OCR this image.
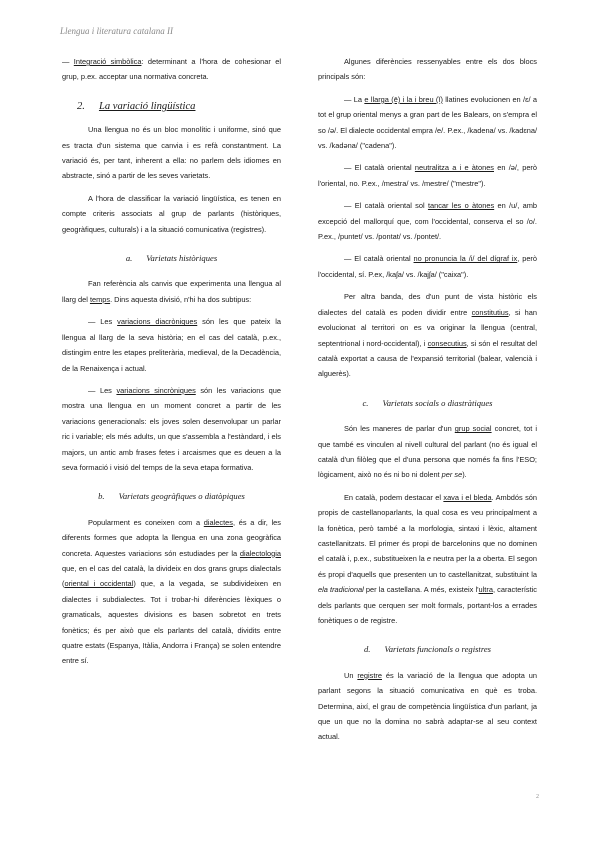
Llengua i literatura catalana II

— Integració simbòlica: determinant a l'hora de cohesionar el grup, p.ex. acceptar una normativa concreta.

2. La variació lingüística

Una llengua no és un bloc monolític i uniforme, sinó que es tracta d'un sistema que canvia i es refà constantment. La variació és, per tant, inherent a ella: no parlem dels idiomes en abstracte, sinó a partir de les seves varietats.

A l'hora de classificar la variació lingüística, es tenen en compte criteris associats al grup de parlants (històriques, geogràfiques, culturals) i a la situació comunicativa (registres).

a. Varietats històriques

Fan referència als canvis que experimenta una llengua al llarg del temps. Dins aquesta divisió, n'hi ha dos subtipus:

— Les variacions diacròniques són les que pateix la llengua al llarg de la seva història; en el cas del català, p.ex., distingim entre les etapes preliterària, medieval, de la Decadència, de la Renaixença i actual.

— Les variacions sincròniques són les variacions que mostra una llengua en un moment concret a partir de les variacions generacionals: els joves solen desenvolupar un parlar ric i variable; els més adults, un que s'assembla a l'estàndard, i els majors, un antic amb frases fetes i arcaismes que es deuen a la seva formació i visió del temps de la seva etapa formativa.

b. Varietats geogràfiques o diatòpiques

Popularment es coneixen com a dialectes, és a dir, les diferents formes que adopta la llengua en una zona geogràfica concreta. Aquestes variacions són estudiades per la dialectologia que, en el cas del català, la divideix en dos grans grups dialectals (oriental i occidental) que, a la vegada, se subdivideixen en dialectes i subdialectes. Tot i trobar-hi diferències lèxiques o gramaticals, aquestes divisions es basen sobretot en trets fonètics; és per això que els parlants del català, dividits entre quatre estats (Espanya, Itàlia, Andorra i França) se solen entendre entre sí.

Algunes diferències ressenyables entre els dos blocs principals són:

— La e llarga (ē) i la i breu (ĭ) llatines evolucionen en /ɛ/ a tot el grup oriental menys a gran part de les Balears, on s'empra el so /ə/. El dialecte occidental empra /e/. P.ex., /kadena/ vs. /kadɛna/ vs. /kadəna/ ("cadena").

— El català oriental neutralitza a i e àtones en /ə/, però l'oriental, no. P.ex., /mestra/ vs. /mestre/ ("mestre").

— El català oriental sol tancar les o àtones en /u/, amb excepció del mallorquí que, com l'occidental, conserva el so /o/. P.ex., /puntet/ vs. /pontat/ vs. /pontet/.

— El català oriental no pronuncia la /i/ del dígraf ix, però l'occidental, sí. P.ex, /kaʃa/ vs. /kajʃa/ ("caixa").

Per altra banda, des d'un punt de vista històric els dialectes del català es poden dividir entre constitutius, si han evolucionat al territori on es va originar la llengua (central, septentrional i nord-occidental), i consecutius, si són el resultat del català exportat a causa de l'expansió territorial (balear, valencià i alguerès).

c. Varietats socials o diastràtiques

Són les maneres de parlar d'un grup social concret, tot i que també es vinculen al nivell cultural del parlant (no és igual el català d'un filòleg que el d'una persona que només fa fins l'ESO; lògicament, això no és ni bo ni dolent per se).

En català, podem destacar el xava i el bleda. Ambdós són propis de castellanoparlants, la qual cosa es veu principalment a la fonètica, però també a la morfologia, sintaxi i lèxic, altament castellanitzats. El primer és propi de barcelonins que no dominen el català i, p.ex., substitueixen la e neutra per la a oberta. El segon és propi d'aquells que presenten un to castellanitzat, substituint la ela tradicional per la castellana. A més, existeix l'ultra, característic dels parlants que cerquen ser molt formals, portant-los a errades fonètiques o de registre.

d. Varietats funcionals o registres

Un registre és la variació de la llengua que adopta un parlant segons la situació comunicativa en què es troba. Determina, així, el grau de competència lingüística d'un parlant, ja que un que no la domina no sabrà adaptar-se al seu context actual.

2
